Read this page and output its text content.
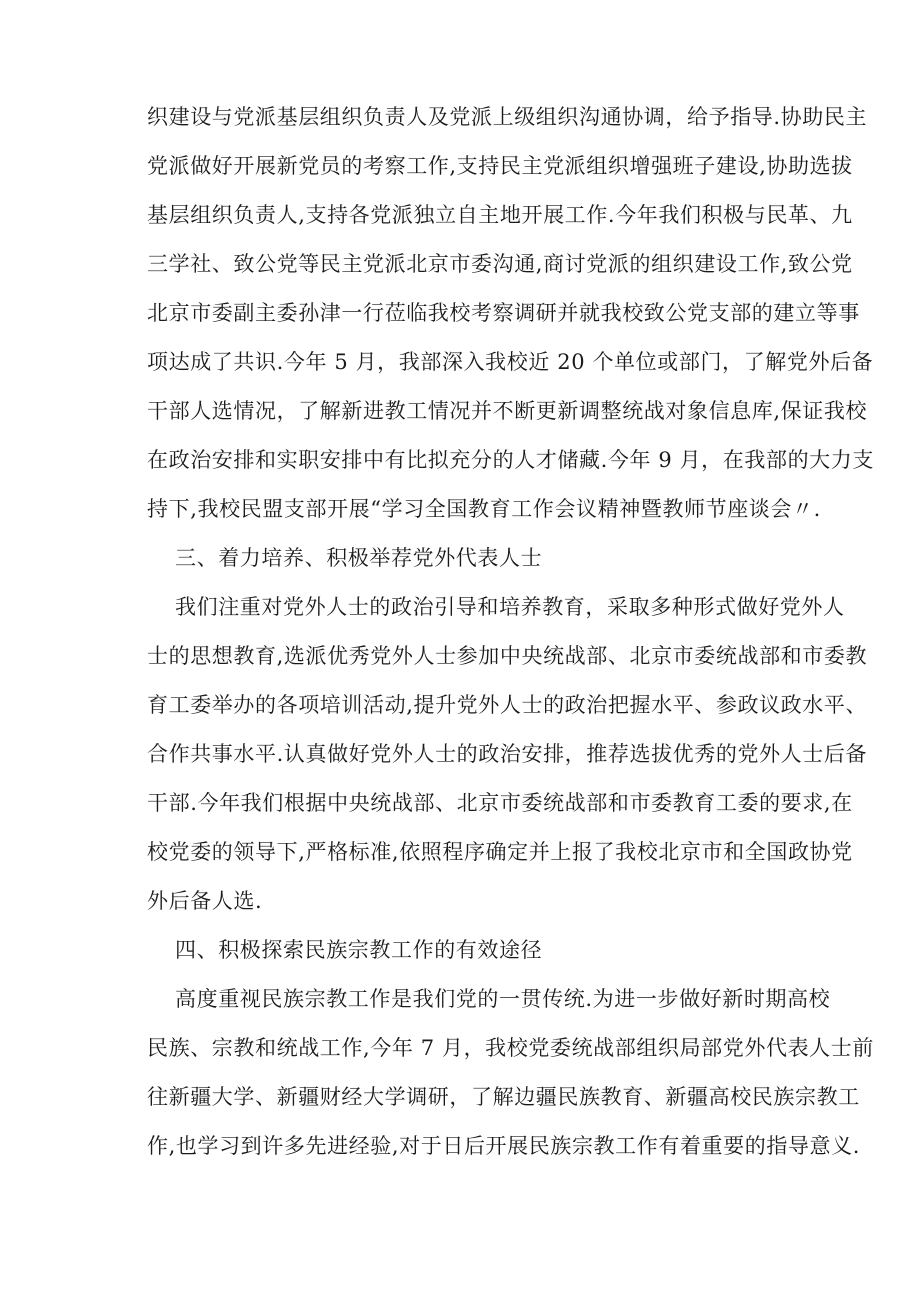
织建设与党派基层组织负责人及党派上级组织沟通协调，给予指导.协助民主
党派做好开展新党员的考察工作,支持民主党派组织增强班子建设,协助选拔
基层组织负责人,支持各党派独立自主地开展工作.今年我们积极与民革、九
三学社、致公党等民主党派北京市委沟通,商讨党派的组织建设工作,致公党
北京市委副主委孙津一行莅临我校考察调研并就我校致公党支部的建立等事
项达成了共识.今年 5 月，我部深入我校近 20 个单位或部门，了解党外后备
干部人选情况，了解新进教工情况并不断更新调整统战对象信息库,保证我校
在政治安排和实职安排中有比拟充分的人才储藏.今年 9 月，在我部的大力支
持下,我校民盟支部开展“学习全国教育工作会议精神暨教师节座谈会〃.
三、着力培养、积极举荐党外代表人士
我们注重对党外人士的政治引导和培养教育，采取多种形式做好党外人
士的思想教育,选派优秀党外人士参加中央统战部、北京市委统战部和市委教
育工委举办的各项培训活动,提升党外人士的政治把握水平、参政议政水平、
合作共事水平.认真做好党外人士的政治安排，推荐选拔优秀的党外人士后备
干部.今年我们根据中央统战部、北京市委统战部和市委教育工委的要求,在
校党委的领导下,严格标准,依照程序确定并上报了我校北京市和全国政协党
外后备人选.
四、积极探索民族宗教工作的有效途径
高度重视民族宗教工作是我们党的一贯传统.为进一步做好新时期高校
民族、宗教和统战工作,今年 7 月，我校党委统战部组织局部党外代表人士前
往新疆大学、新疆财经大学调研，了解边疆民族教育、新疆高校民族宗教工
作,也学习到许多先进经验,对于日后开展民族宗教工作有着重要的指导意义.
